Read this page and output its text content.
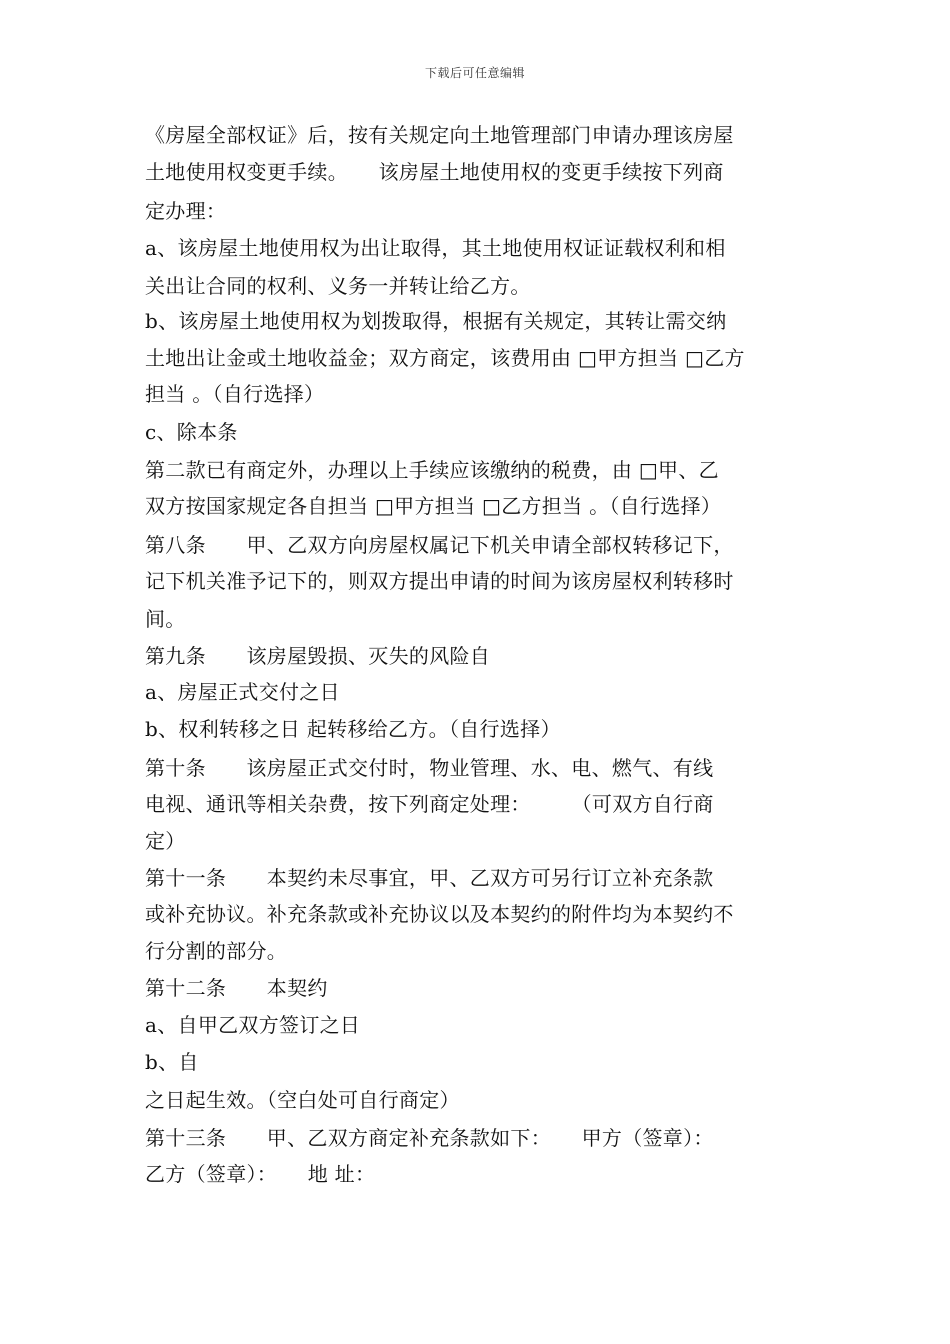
下载后可任意编辑
《房屋全部权证》后，按有关规定向土地管理部门申请办理该房屋
土地使用权变更手续。　　该房屋土地使用权的变更手续按下列商
定办理：
a、该房屋土地使用权为出让取得，其土地使用权证证载权利和相
关出让合同的权利、义务一并转让给乙方。
b、该房屋土地使用权为划拨取得，根据有关规定，其转让需交纳
土地出让金或土地收益金；双方商定，该费用由 □甲方担当 □乙方
担当 。（自行选择）
c、除本条
第二款已有商定外，办理以上手续应该缴纳的税费，由 □甲、乙
双方按国家规定各自担当 □甲方担当 □乙方担当 。（自行选择）
第八条　　甲、乙双方向房屋权属记下机关申请全部权转移记下，
记下机关准予记下的，则双方提出申请的时间为该房屋权利转移时
间。
第九条　　该房屋毁损、灭失的风险自
a、房屋正式交付之日
b、权利转移之日 起转移给乙方。（自行选择）
第十条　　该房屋正式交付时，物业管理、水、电、燃气、有线
电视、通讯等相关杂费，按下列商定处理：　　　（可双方自行商
定）
第十一条　　本契约未尽事宜，甲、乙双方可另行订立补充条款
或补充协议。补充条款或补充协议以及本契约的附件均为本契约不
行分割的部分。
第十二条　　本契约
a、自甲乙双方签订之日
b、自
之日起生效。（空白处可自行商定）
第十三条　　甲、乙双方商定补充条款如下：　　甲方（签章）：
乙方（签章）：　　地 址：
